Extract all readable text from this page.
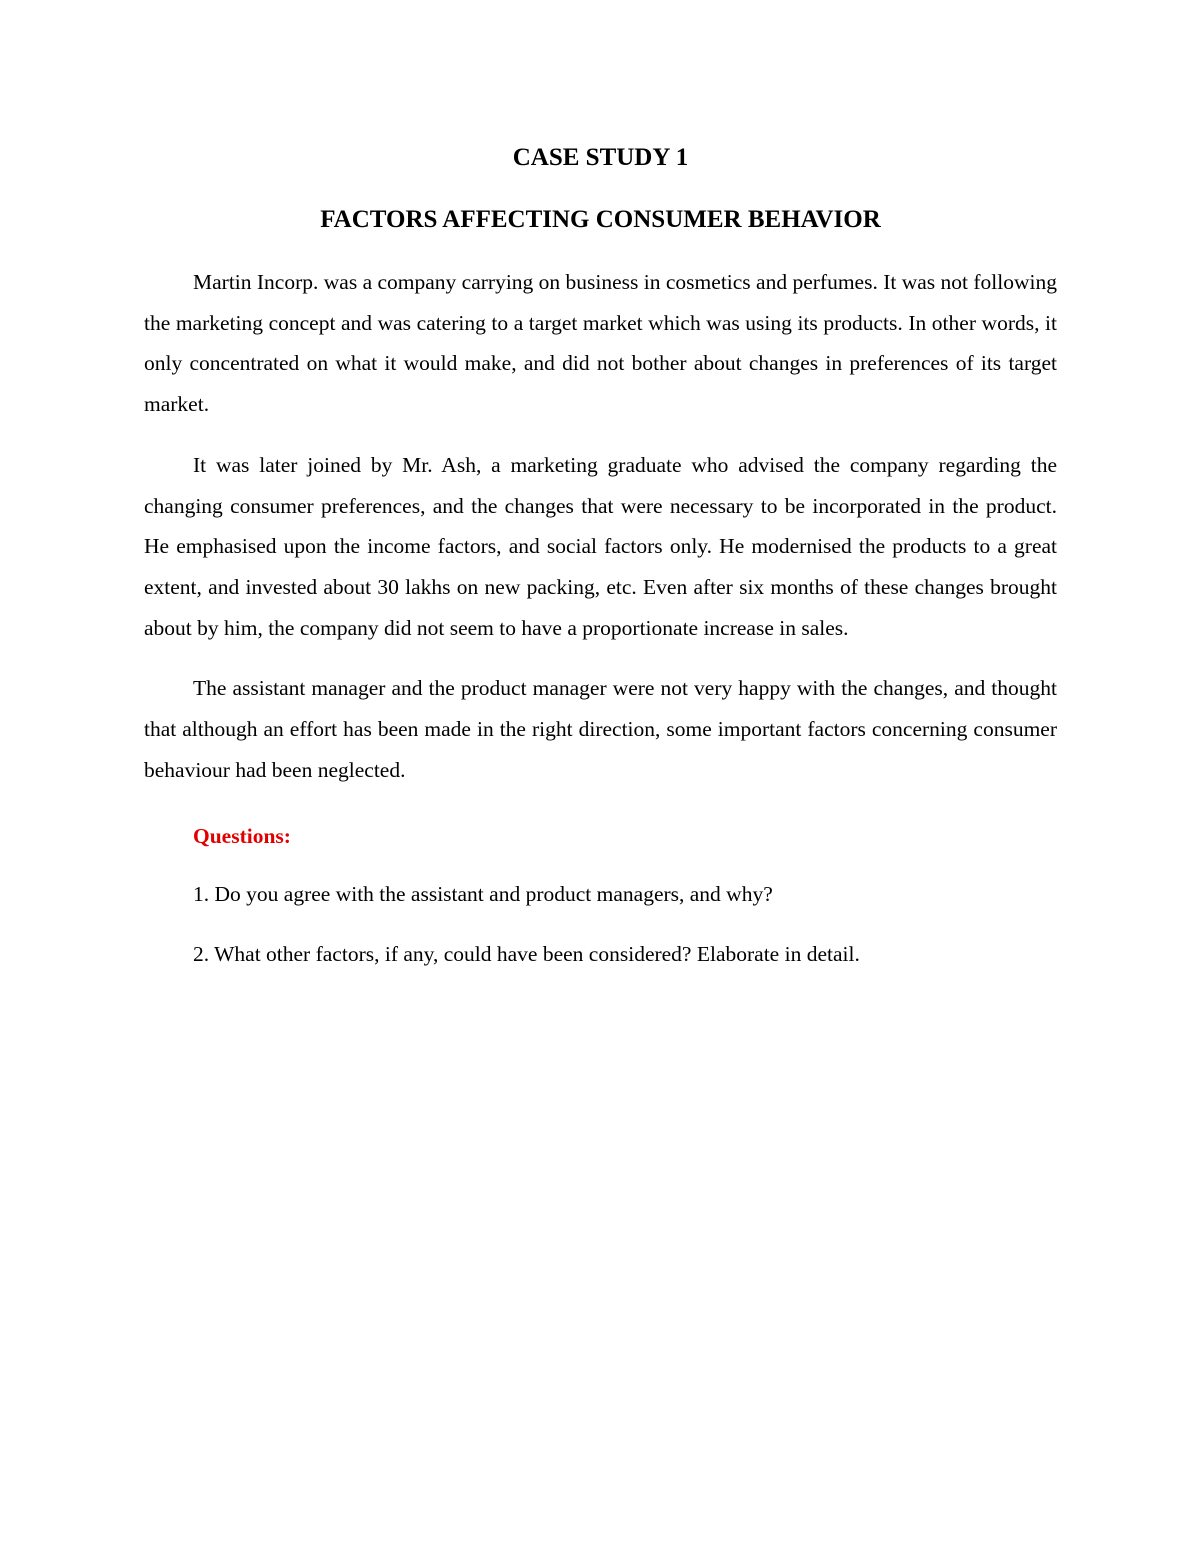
CASE STUDY 1
FACTORS AFFECTING CONSUMER BEHAVIOR

Martin Incorp. was a company carrying on business in cosmetics and perfumes. It was not following the marketing concept and was catering to a target market which was using its products. In other words, it only concentrated on what it would make, and did not bother about changes in preferences of its target market.

It was later joined by Mr. Ash, a marketing graduate who advised the company regarding the changing consumer preferences, and the changes that were necessary to be incorporated in the product. He emphasised upon the income factors, and social factors only. He modernised the products to a great extent, and invested about 30 lakhs on new packing, etc. Even after six months of these changes brought about by him, the company did not seem to have a proportionate increase in sales.

The assistant manager and the product manager were not very happy with the changes, and thought that although an effort has been made in the right direction, some important factors concerning consumer behaviour had been neglected.

Questions:
1. Do you agree with the assistant and product managers, and why?
2. What other factors, if any, could have been considered? Elaborate in detail.
